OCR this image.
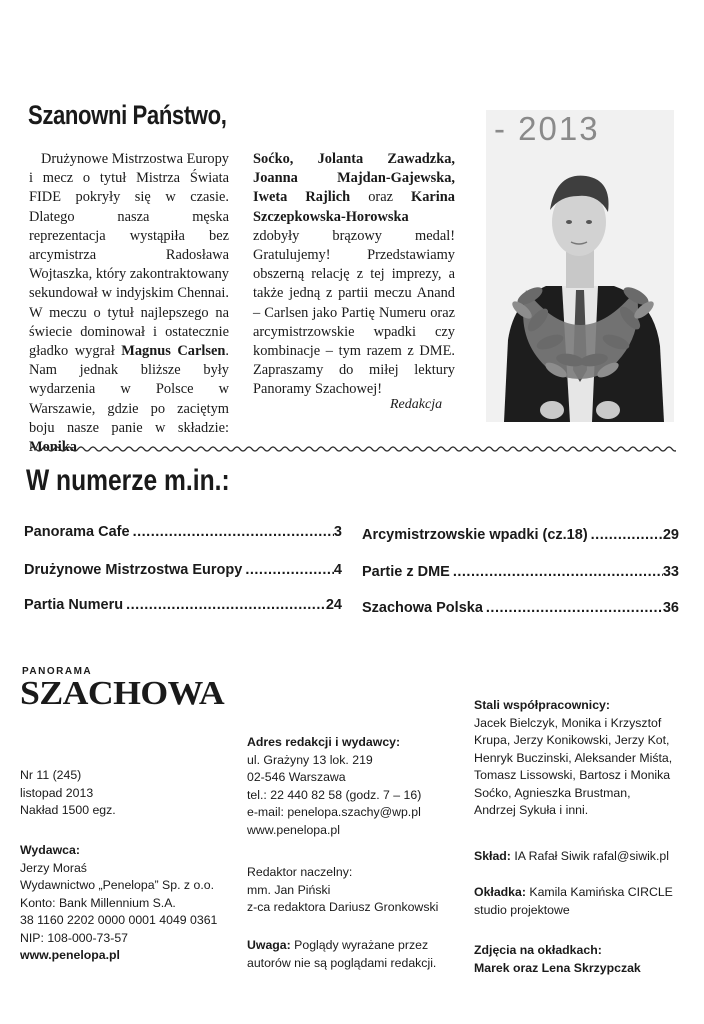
Szanowni Państwo,
Drużynowe Mistrzostwa Europy i mecz o tytuł Mistrza Świata FIDE pokryły się w czasie. Dlatego nasza męska reprezentacja wystąpiła bez arcymistrza Radosława Wojtaszka, który zakontraktowany sekundował w indyjskim Chennai. W meczu o tytuł najlepszego na świecie dominował i ostatecznie gładko wygrał Magnus Carlsen. Nam jednak bliższe były wydarzenia w Polsce w Warszawie, gdzie po zaciętym boju nasze panie w składzie: Monika
Soćko, Jolanta Zawadzka, Joanna Majdan-Gajewska, Iweta Rajlich oraz Karina Szczepkowska-Horowska zdobyły brązowy medal! Gratulujemy! Przedstawiamy obszerną relację z tej imprezy, a także jedną z partii meczu Anand – Carlsen jako Partię Numeru oraz arcymistrzowskie wpadki czy kombinacje – tym razem z DME. Zapraszamy do miłej lektury Panoramy Szachowej!
Redakcja
- 2013
W numerze m.in.:
Panorama Cafe .....	3
Drużynowe Mistrzostwa Europy .....	4
Partia Numeru .....	24
Arcymistrzowskie wpadki (cz.18) .....	29
Partie z DME .....	33
Szachowa Polska .....	36
PANORAMA
SZACHOWA
Nr 11 (245)
listopad 2013
Nakład 1500 egz.
Wydawca:
Jerzy Moraś
Wydawnictwo „Penelopa” Sp. z o.o.
Konto: Bank Millennium S.A.
38 1160 2202 0000 0001 4049 0361
NIP: 108-000-73-57
www.penelopa.pl
Adres redakcji i wydawcy:
ul. Grażyny 13 lok. 219
02-546 Warszawa
tel.: 22 440 82 58 (godz. 7 – 16)
e-mail: penelopa.szachy@wp.pl
www.penelopa.pl
Redaktor naczelny:
mm. Jan Piński
z-ca redaktora Dariusz Gronkowski
Uwaga: Poglądy wyrażane przez
autorów nie są poglądami redakcji.
Stali współpracownicy:
Jacek Bielczyk, Monika i Krzysztof
Krupa, Jerzy Konikowski, Jerzy Kot,
Henryk Buczinski, Aleksander Miśta,
Tomasz Lissowski, Bartosz i Monika
Soćko, Agnieszka Brustman,
Andrzej Sykuła i inni.
Skład: IA Rafał Siwik rafal@siwik.pl
Okładka: Kamila Kamińska CIRCLE
studio projektowe
Zdjęcia na okładkach:
Marek oraz Lena Skrzypczak
